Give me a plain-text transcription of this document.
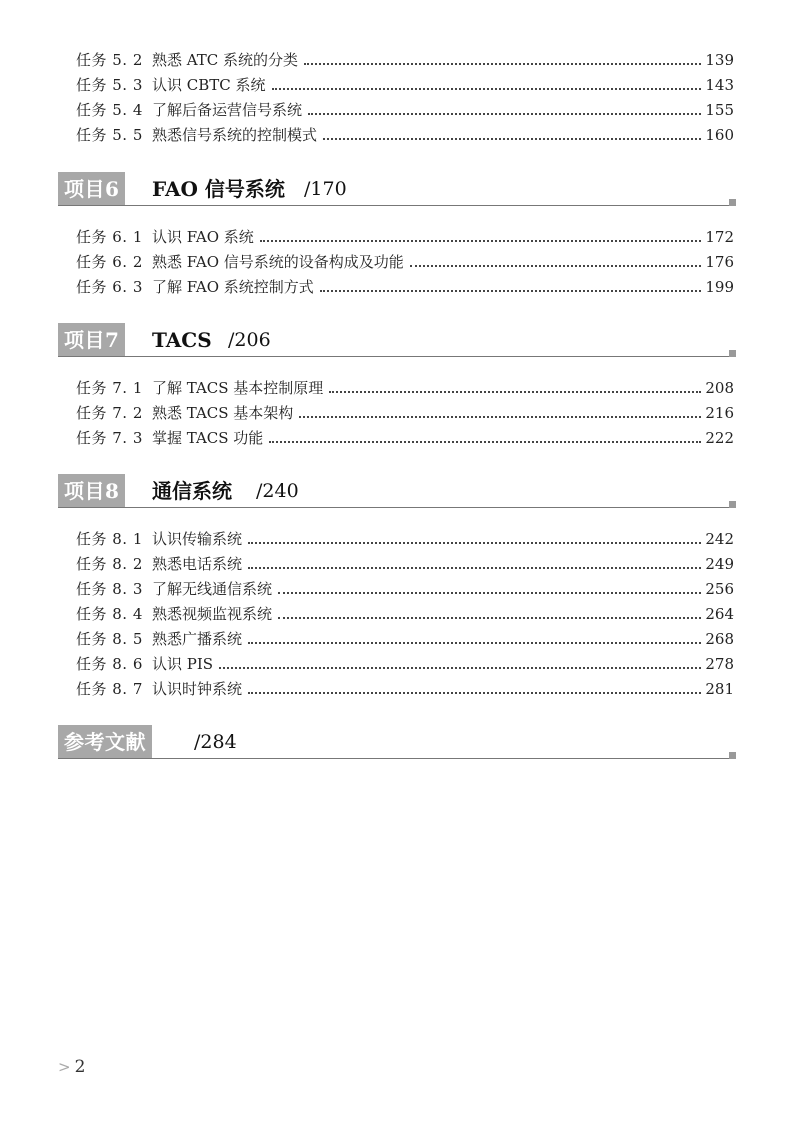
任务 5. 2 熟悉 ATC 系统的分类	139
任务 5. 3 认识 CBTC 系统	143
任务 5. 4 了解后备运营信号系统	155
任务 5. 5 熟悉信号系统的控制模式	160
项目6	FAO 信号系统 /170
任务 6. 1 认识 FAO 系统	172
任务 6. 2 熟悉 FAO 信号系统的设备构成及功能	176
任务 6. 3 了解 FAO 系统控制方式	199
项目7	TACS /206
任务 7. 1 了解 TACS 基本控制原理	208
任务 7. 2 熟悉 TACS 基本架构	216
任务 7. 3 掌握 TACS 功能	222
项目8	通信系统 /240
任务 8. 1 认识传输系统	242
任务 8. 2 熟悉电话系统	249
任务 8. 3 了解无线通信系统	256
任务 8. 4 熟悉视频监视系统	264
任务 8. 5 熟悉广播系统	268
任务 8. 6 认识 PIS	278
任务 8. 7 认识时钟系统	281
参考文献	/284
> 2
